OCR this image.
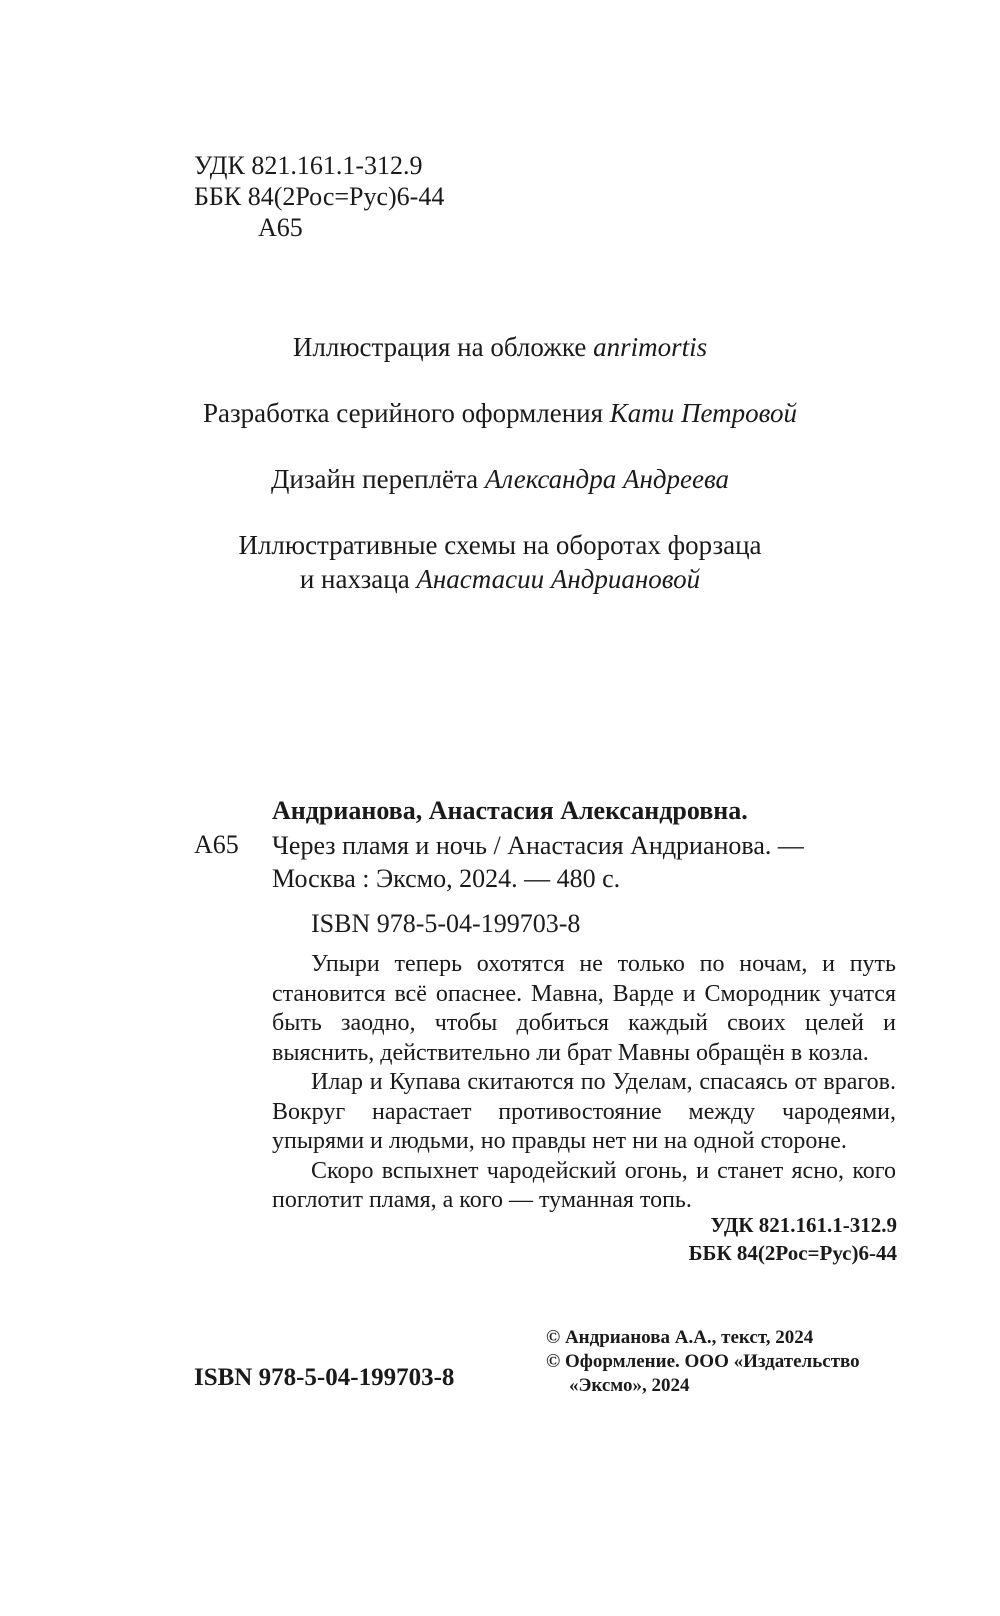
УДК 821.161.1-312.9
ББК 84(2Рос=Рус)6-44
А65
Иллюстрация на обложке anrimortis
Разработка серийного оформления Кати Петровой
Дизайн переплёта Александра Андреева
Иллюстративные схемы на оборотах форзаца
и нахзаца Анастасии Андриановой
Андрианова, Анастасия Александровна.
А65 Через пламя и ночь / Анастасия Андрианова. —
Москва : Эксмо, 2024. — 480 с.
ISBN 978-5-04-199703-8

Упыри теперь охотятся не только по ночам, и путь становится всё опаснее. Мавна, Варде и Смородник учатся быть заодно, чтобы добиться каждый своих целей и выяснить, действительно ли брат Мавны обращён в козла.

Илар и Купава скитаются по Уделам, спасаясь от врагов. Вокруг нарастает противостояние между чародеями, упырями и людьми, но правды нет ни на одной стороне.

Скоро вспыхнет чародейский огонь, и станет ясно, кого поглотит пламя, а кого — туманная топь.

УДК 821.161.1-312.9
ББК 84(2Рос=Рус)6-44
ISBN 978-5-04-199703-8
© Андрианова А.А., текст, 2024
© Оформление. ООО «Издательство
«Эксмо», 2024
